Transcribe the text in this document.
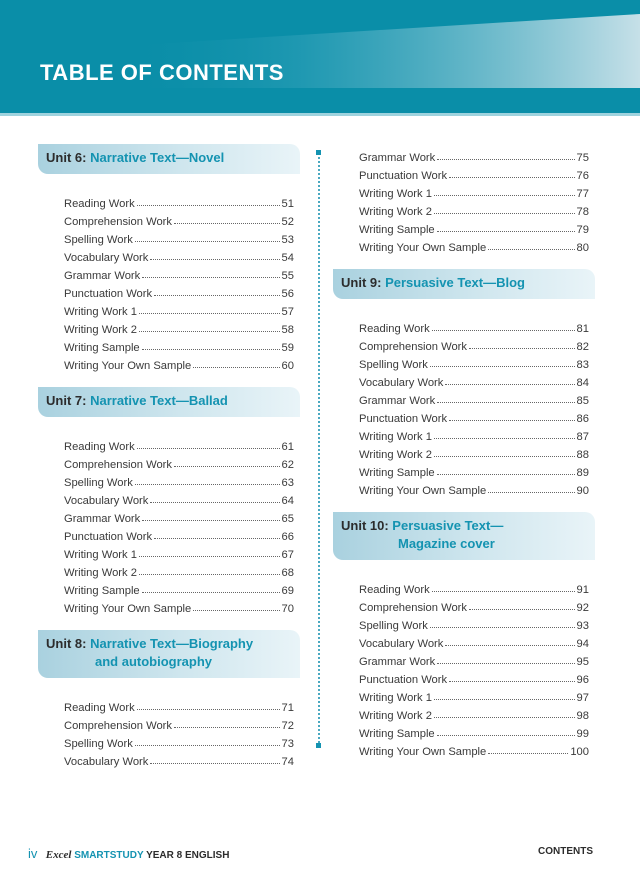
TABLE OF CONTENTS
Unit 6: Narrative Text—Novel
Reading Work	51
Comprehension Work	52
Spelling Work	53
Vocabulary Work	54
Grammar Work	55
Punctuation Work	56
Writing Work 1	57
Writing Work 2	58
Writing Sample	59
Writing Your Own Sample	60
Unit 7: Narrative Text—Ballad
Reading Work	61
Comprehension Work	62
Spelling Work	63
Vocabulary Work	64
Grammar Work	65
Punctuation Work	66
Writing Work 1	67
Writing Work 2	68
Writing Sample	69
Writing Your Own Sample	70
Unit 8: Narrative Text—Biography
and autobiography
Reading Work	71
Comprehension Work	72
Spelling Work	73
Vocabulary Work	74
Grammar Work	75
Punctuation Work	76
Writing Work 1	77
Writing Work 2	78
Writing Sample	79
Writing Your Own Sample	80
Unit 9: Persuasive Text—Blog
Reading Work	81
Comprehension Work	82
Spelling Work	83
Vocabulary Work	84
Grammar Work	85
Punctuation Work	86
Writing Work 1	87
Writing Work 2	88
Writing Sample	89
Writing Your Own Sample	90
Unit 10: Persuasive Text—
Magazine cover
Reading Work	91
Comprehension Work	92
Spelling Work	93
Vocabulary Work	94
Grammar Work	95
Punctuation Work	96
Writing Work 1	97
Writing Work 2	98
Writing Sample	99
Writing Your Own Sample	100
iv Excel SMARTSTUDY YEAR 8 ENGLISH	CONTENTS
